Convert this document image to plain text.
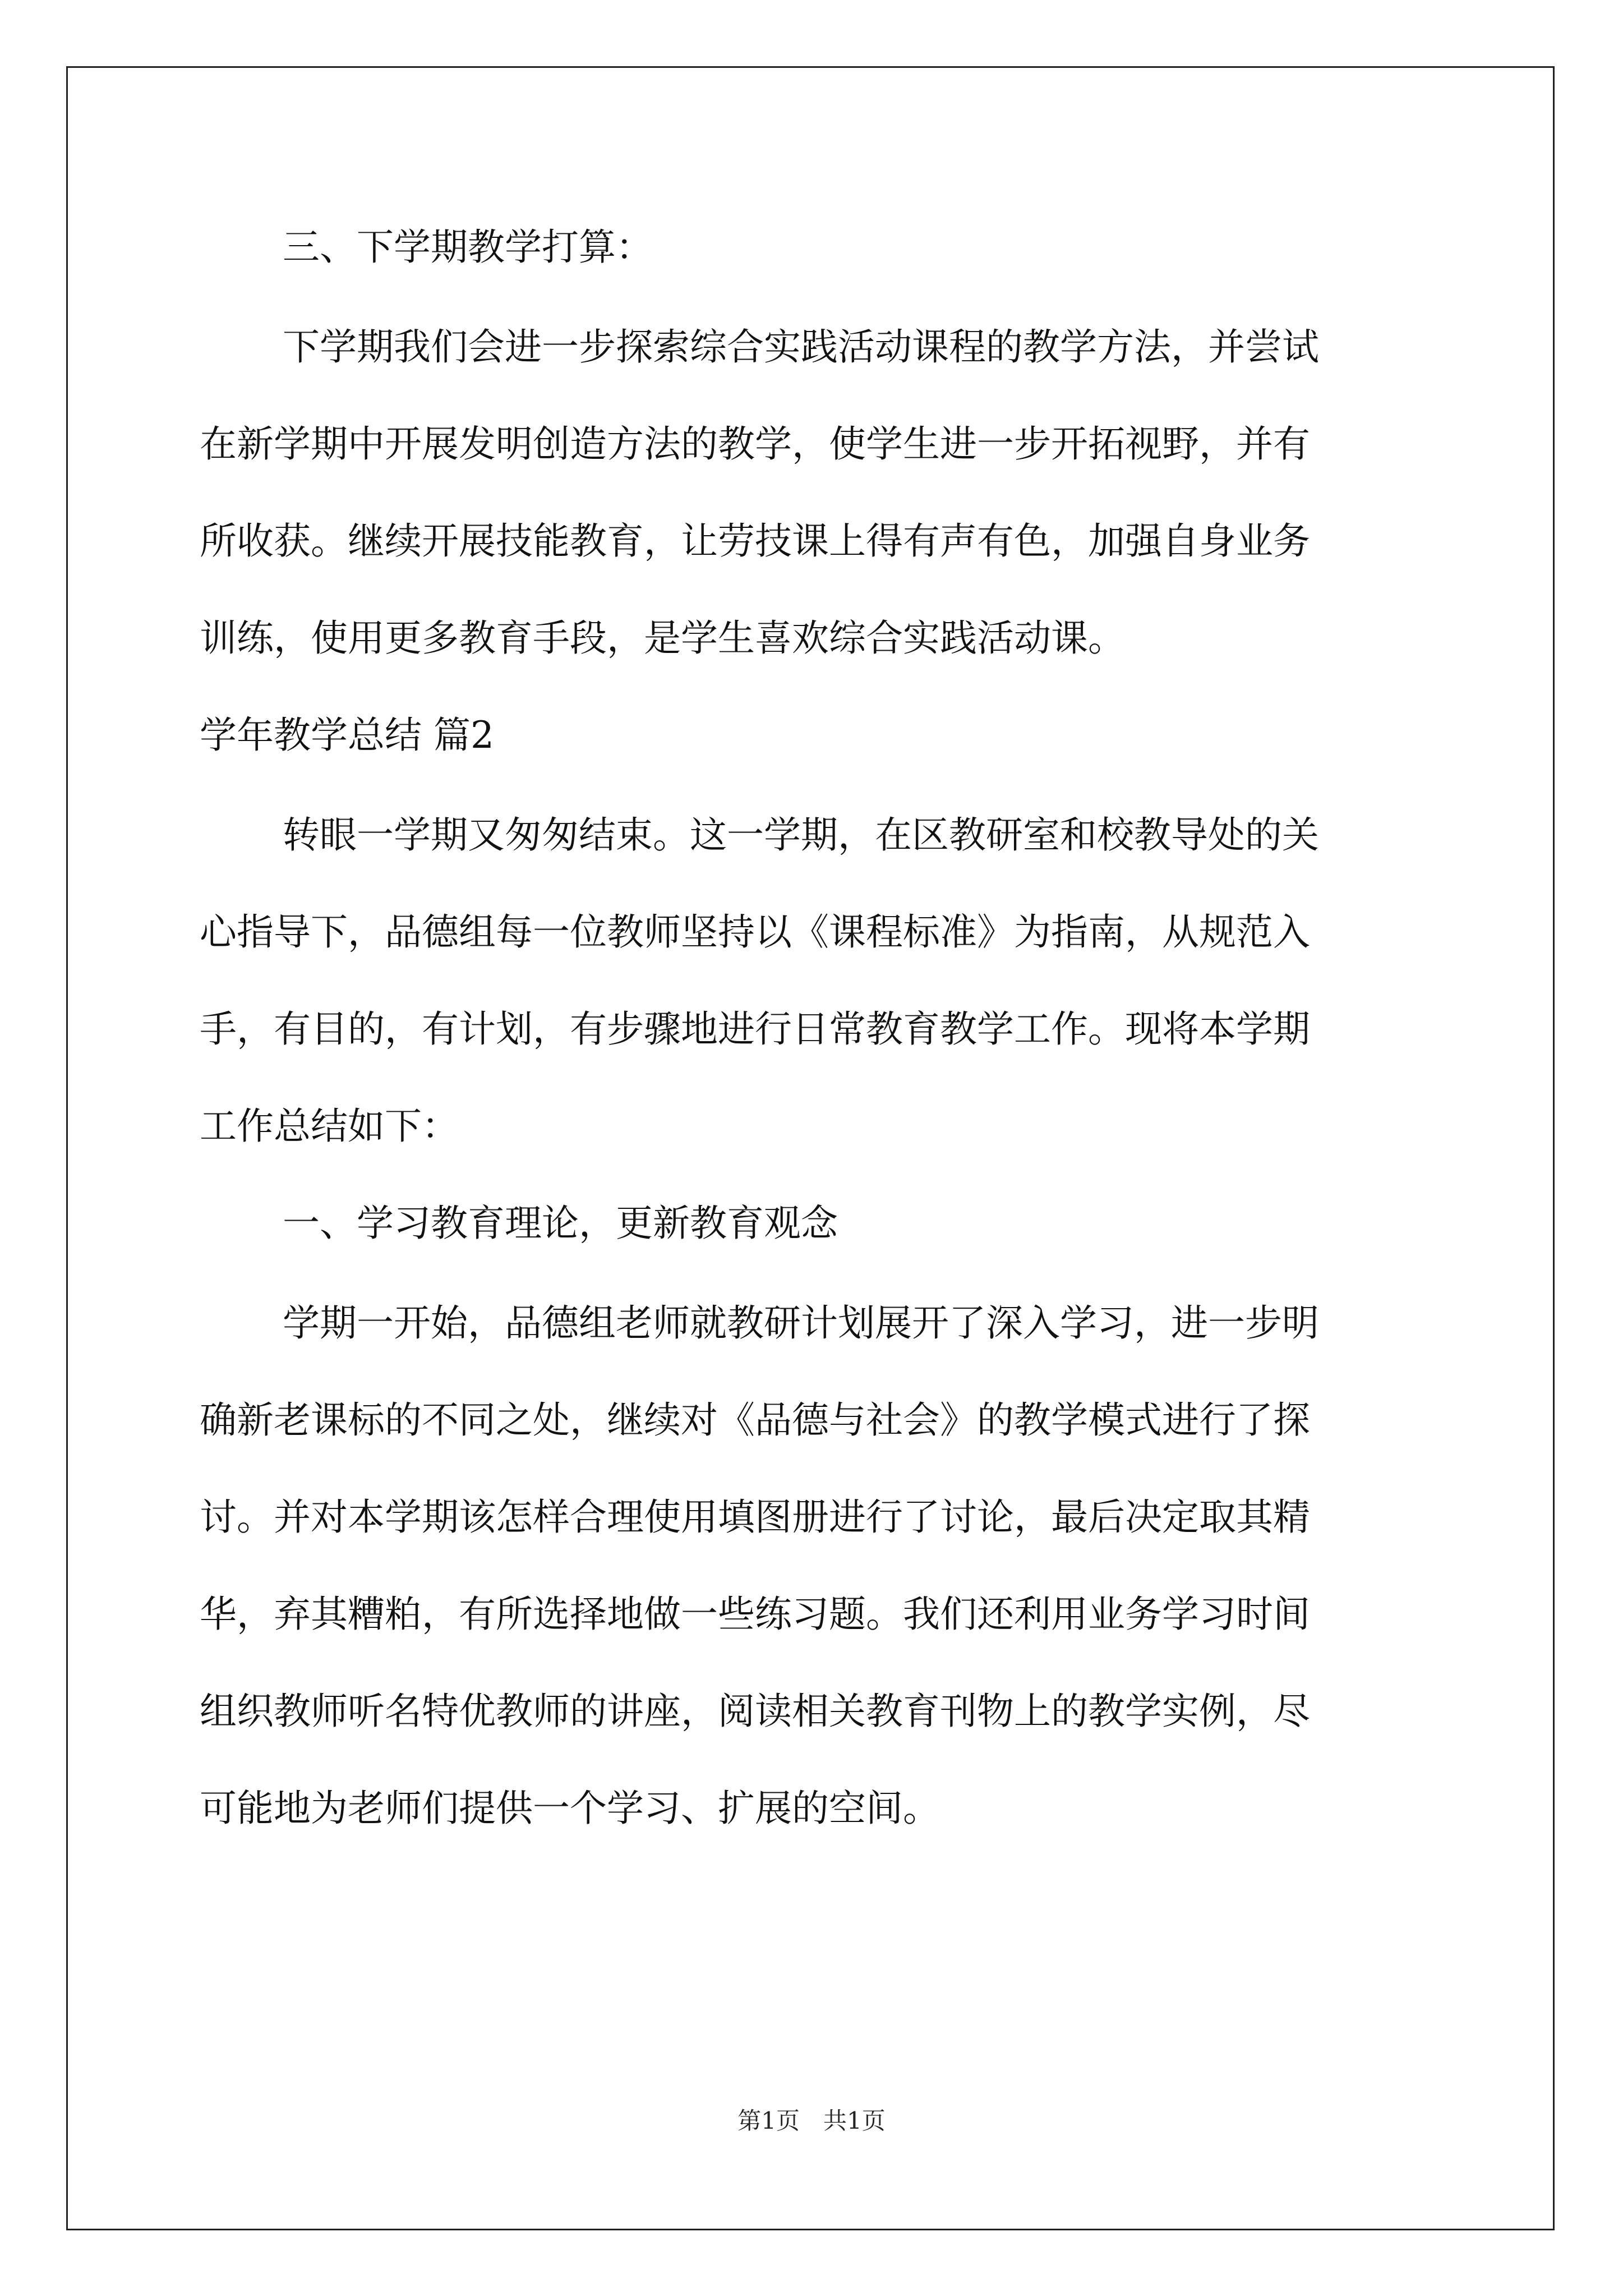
三、下学期教学打算：
下学期我们会进一步探索综合实践活动课程的教学方法，并尝试
在新学期中开展发明创造方法的教学，使学生进一步开拓视野，并有
所收获。继续开展技能教育，让劳技课上得有声有色，加强自身业务
训练，使用更多教育手段，是学生喜欢综合实践活动课。
学年教学总结 篇2
转眼一学期又匆匆结束。这一学期，在区教研室和校教导处的关
心指导下，品德组每一位教师坚持以《课程标准》为指南，从规范入
手，有目的，有计划，有步骤地进行日常教育教学工作。现将本学期
工作总结如下：
一、学习教育理论，更新教育观念
学期一开始，品德组老师就教研计划展开了深入学习，进一步明
确新老课标的不同之处，继续对《品德与社会》的教学模式进行了探
讨。并对本学期该怎样合理使用填图册进行了讨论，最后决定取其精
华，弃其糟粕，有所选择地做一些练习题。我们还利用业务学习时间
组织教师听名特优教师的讲座，阅读相关教育刊物上的教学实例，尽
可能地为老师们提供一个学习、扩展的空间。
第1页　共1页
